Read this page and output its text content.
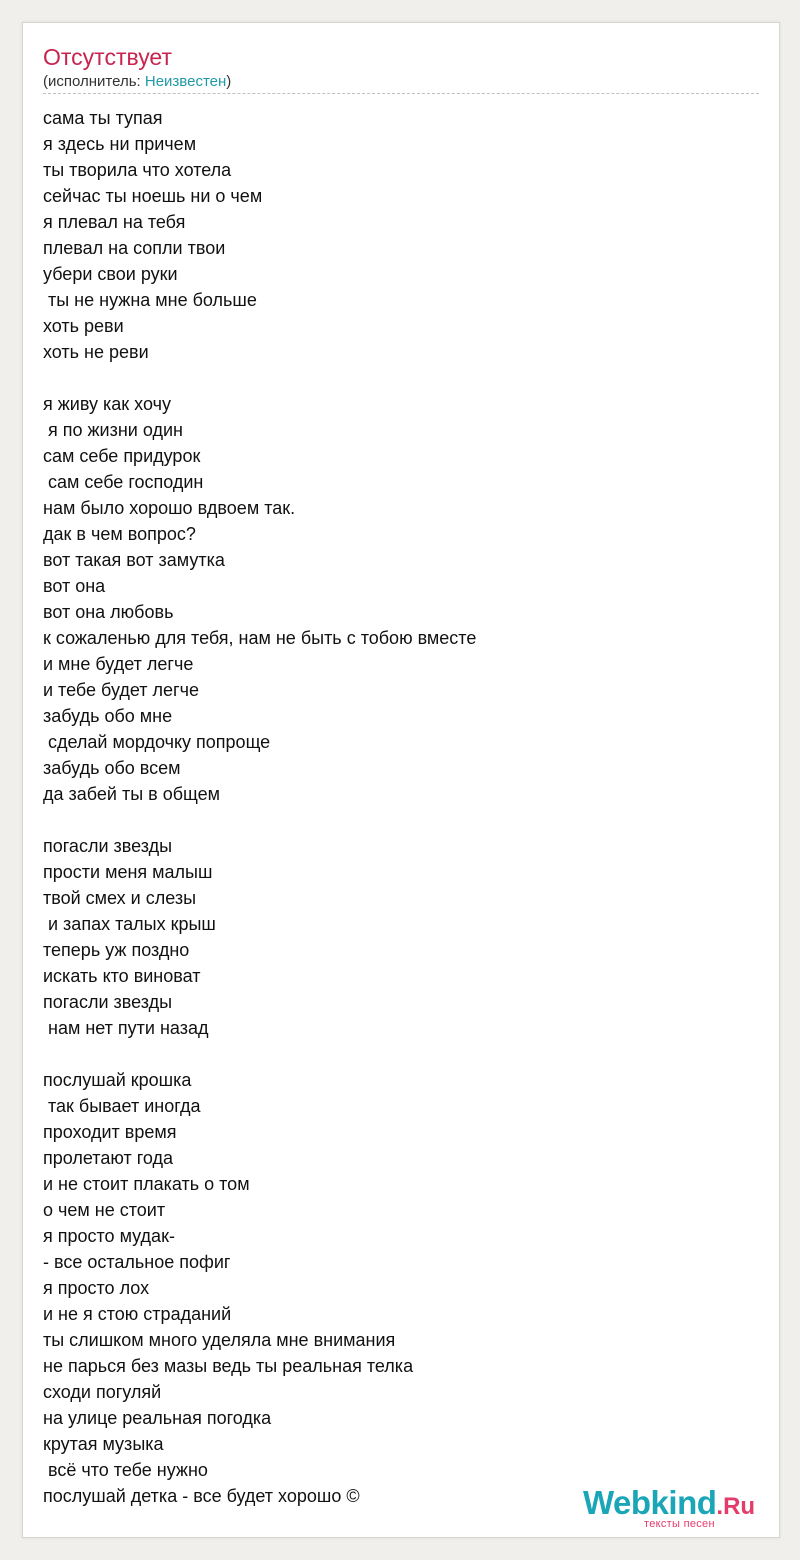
Отсутствует
(исполнитель: Неизвестен)
сама ты тупая
я здесь ни причем
ты творила что хотела
сейчас ты ноешь ни о чем
я плевал на тебя
плевал на сопли твои
убери свои руки
ты не нужна мне больше
хоть реви
хоть не реви
я живу как хочу
я по жизни один
сам себе придурок
сам себе господин
нам было хорошо вдвоем так.
дак в чем вопрос?
вот такая вот замутка
вот она
вот она любовь
к сожаленью для тебя, нам не быть с тобою вместе
и мне будет легче
и тебе будет легче
забудь обо мне
сделай мордочку попроще
забудь обо всем
да забей ты в общем
погасли звезды
прости меня малыш
твой смех и слезы
и запах талых крыш
теперь уж поздно
искать кто виноват
погасли звезды
нам нет пути назад
послушай крошка
так бывает иногда
проходит время
пролетают года
и не стоит плакать о том
о чем не стоит
я просто мудак-
- все остальное пофиг
я просто лох
и не я стою страданий
ты слишком много уделяла мне внимания
не парься без мазы ведь ты реальная телка
сходи погуляй
на улице реальная погодка
крутая музыка
всё что тебе нужно
послушай детка - все будет хорошо ©	Webkind.Ru
тексты песен
